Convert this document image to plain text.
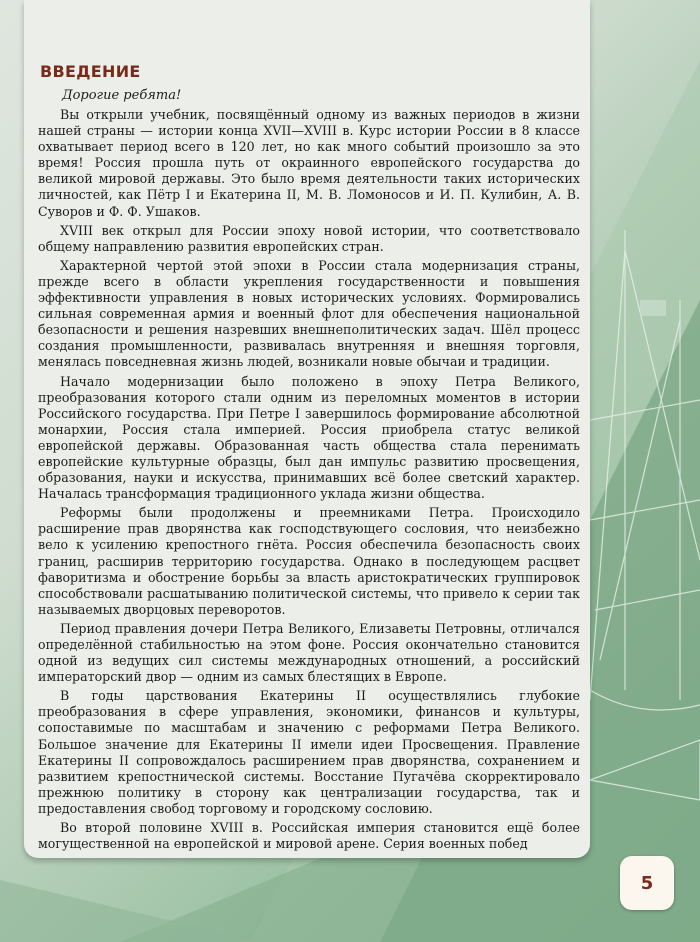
ВВЕДЕНИЕ
Дорогие ребята!

Вы открыли учебник, посвящённый одному из важных периодов в жизни нашей страны — истории конца XVII—XVIII в. Курс истории России в 8 классе охватывает период всего в 120 лет, но как много событий произошло за это время! Россия прошла путь от окраинного европейского государства до великой мировой державы. Это было время деятельности таких исторических личностей, как Пётр I и Екатерина II, М. В. Ломоносов и И. П. Кулибин, А. В. Суворов и Ф. Ф. Ушаков.

XVIII век открыл для России эпоху новой истории, что соответствовало общему направлению развития европейских стран.

Характерной чертой этой эпохи в России стала модернизация страны, прежде всего в области укрепления государственности и повышения эффективности управления в новых исторических условиях. Формировались сильная современная армия и военный флот для обеспечения национальной безопасности и решения назревших внешнеполитических задач. Шёл процесс создания промышленности, развивалась внутренняя и внешняя торговля, менялась повседневная жизнь людей, возникали новые обычаи и традиции.

Начало модернизации было положено в эпоху Петра Великого, преобразования которого стали одним из переломных моментов в истории Российского государства. При Петре I завершилось формирование абсолютной монархии, Россия стала империей. Россия приобрела статус великой европейской державы. Образованная часть общества стала перенимать европейские культурные образцы, был дан импульс развитию просвещения, образования, науки и искусства, принимавших всё более светский характер. Началась трансформация традиционного уклада жизни общества.

Реформы были продолжены и преемниками Петра. Происходило расширение прав дворянства как господствующего сословия, что неизбежно вело к усилению крепостного гнёта. Россия обеспечила безопасность своих границ, расширив территорию государства. Однако в последующем расцвет фаворитизма и обострение борьбы за власть аристократических группировок способствовали расшатыванию политической системы, что привело к серии так называемых дворцовых переворотов.

Период правления дочери Петра Великого, Елизаветы Петровны, отличался определённой стабильностью на этом фоне. Россия окончательно становится одной из ведущих сил системы международных отношений, а российский императорский двор — одним из самых блестящих в Европе.

В годы царствования Екатерины II осуществлялись глубокие преобразования в сфере управления, экономики, финансов и культуры, сопоставимые по масштабам и значению с реформами Петра Великого. Большое значение для Екатерины II имели идеи Просвещения. Правление Екатерины II сопровождалось расширением прав дворянства, сохранением и развитием крепостнической системы. Восстание Пугачёва скорректировало прежнюю политику в сторону как централизации государства, так и предоставления свобод торговому и городскому сословию.

Во второй половине XVIII в. Российская империя становится ещё более могущественной на европейской и мировой арене. Серия военных побед

5
